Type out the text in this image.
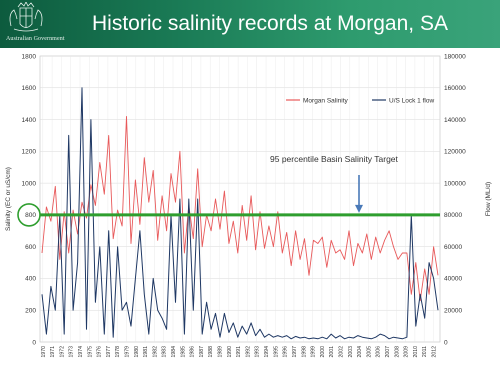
Australian Government
Historic salinity records at Morgan, SA
0
200
400
600
800
1000
1200
1400
1600
1800
0
20000
40000
60000
80000
100000
120000
140000
160000
180000
1970 1971 1972 1973 1974 1975 1976 1977 1978 1979 1980 1981 1982 1983 1984 1985 1986 1987 1988 1989 1990 1991 1992 1993 1994 1995 1996 1997 1998 1999 2000 2001 2002 2003 2004 2005 2006 2007 2008 2009 2010 2011 2012
Salinity (EC or uS/cm)	Flow (ML/d)
95 percentile Basin Salinity Target
Morgan Salinity	U/S Lock 1 flow
